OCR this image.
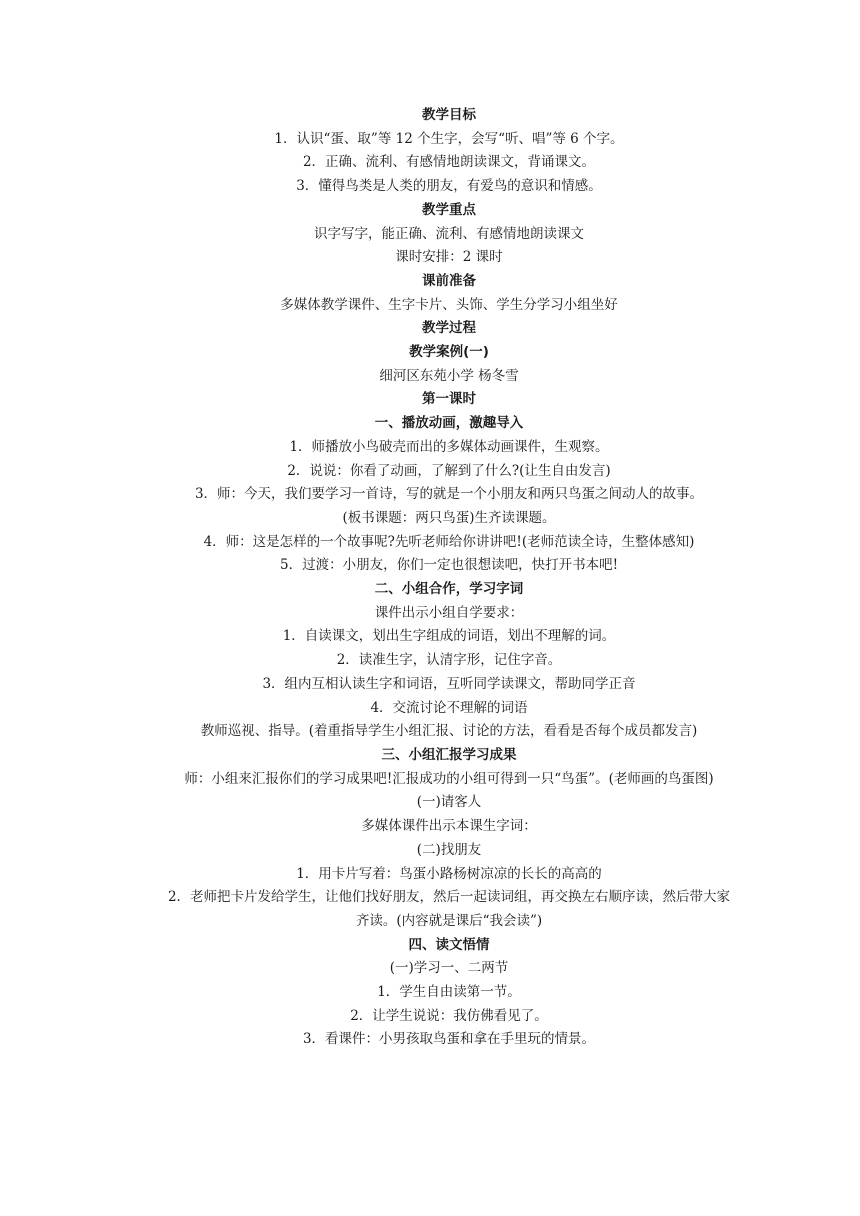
教学目标
1．认识“蛋、取”等 12 个生字，会写“听、唱”等 6 个字。
2．正确、流利、有感情地朗读课文，背诵课文。
3．懂得鸟类是人类的朋友，有爱鸟的意识和情感。
教学重点
识字写字，能正确、流利、有感情地朗读课文
课时安排：2 课时
课前准备
多媒体教学课件、生字卡片、头饰、学生分学习小组坐好
教学过程
教学案例(一)
细河区东苑小学 杨冬雪
第一课时
一、播放动画，激趣导入
1．师播放小鸟破壳而出的多媒体动画课件，生观察。
2．说说：你看了动画，了解到了什么?(让生自由发言)
3．师：今天，我们要学习一首诗，写的就是一个小朋友和两只鸟蛋之间动人的故事。
(板书课题：两只鸟蛋)生齐读课题。
4．师：这是怎样的一个故事呢?先听老师给你讲讲吧!(老师范读全诗，生整体感知)
5．过渡：小朋友，你们一定也很想读吧，快打开书本吧!
二、小组合作，学习字词
课件出示小组自学要求：
1．自读课文，划出生字组成的词语，划出不理解的词。
2．读准生字，认清字形，记住字音。
3．组内互相认读生字和词语，互听同学读课文，帮助同学正音
4．交流讨论不理解的词语
教师巡视、指导。(着重指导学生小组汇报、讨论的方法，看看是否每个成员都发言)
三、小组汇报学习成果
师：小组来汇报你们的学习成果吧!汇报成功的小组可得到一只“鸟蛋”。(老师画的鸟蛋图)
(一)请客人
多媒体课件出示本课生字词：
(二)找朋友
1．用卡片写着：鸟蛋小路杨树凉凉的长长的高高的
2．老师把卡片发给学生，让他们找好朋友，然后一起读词组，再交换左右顺序读，然后带大家齐读。(内容就是课后“我会读”)
四、读文悟情
(一)学习一、二两节
1．学生自由读第一节。
2．让学生说说：我仿佛看见了。
3．看课件：小男孩取鸟蛋和拿在手里玩的情景。
